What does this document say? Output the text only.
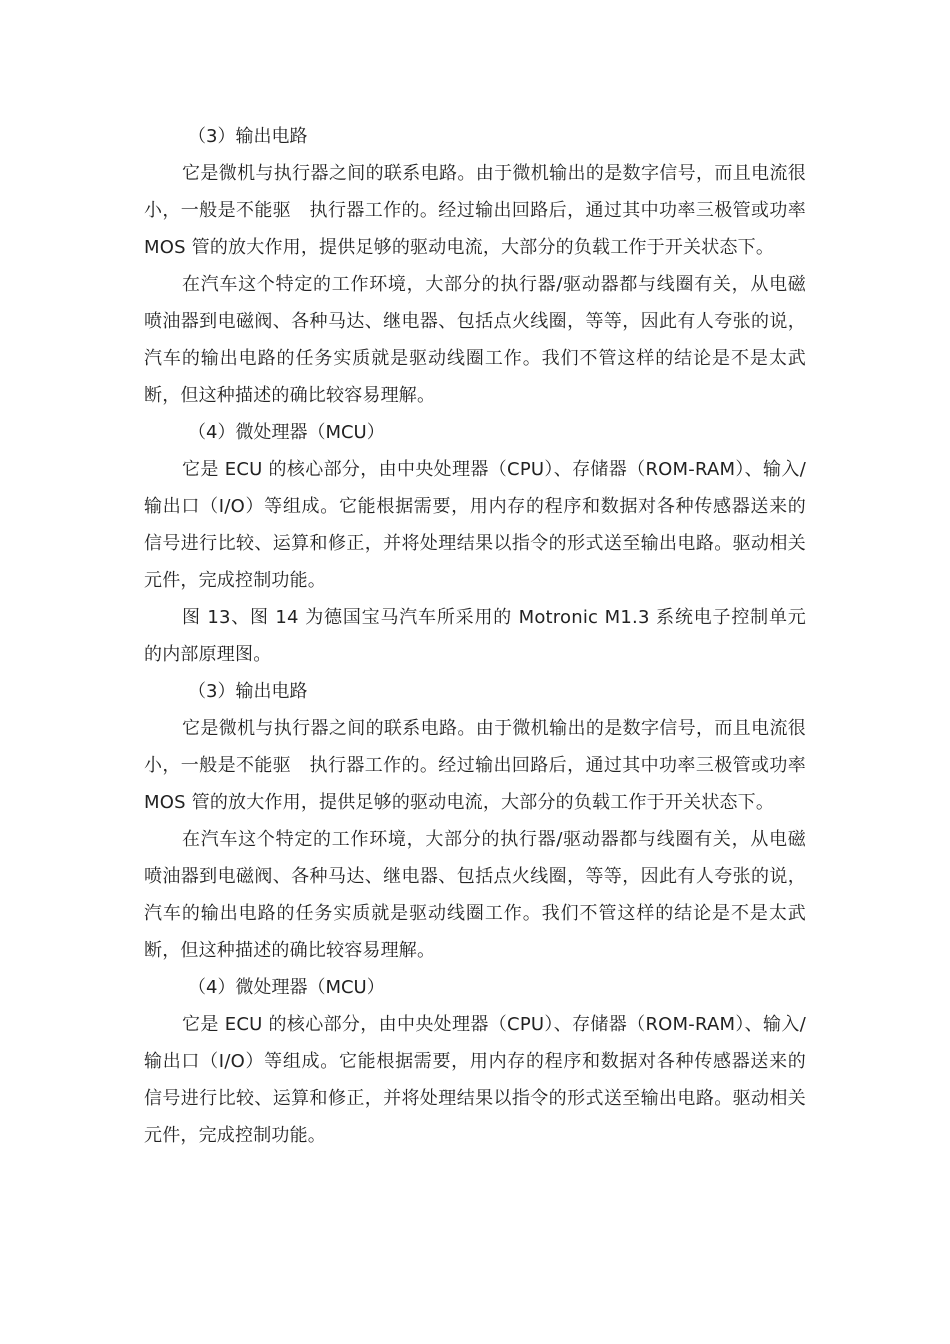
（3）输出电路

它是微机与执行器之间的联系电路。由于微机输出的是数字信号，而且电流很小，一般是不能驱　执行器工作的。经过输出回路后，通过其中功率三极管或功率 MOS 管的放大作用，提供足够的驱动电流，大部分的负载工作于开关状态下。

在汽车这个特定的工作环境，大部分的执行器/驱动器都与线圈有关，从电磁喷油器到电磁阀、各种马达、继电器、包括点火线圈，等等，因此有人夸张的说，汽车的输出电路的任务实质就是驱动线圈工作。我们不管这样的结论是不是太武断，但这种描述的确比较容易理解。

（4）微处理器（MCU）

它是 ECU 的核心部分，由中央处理器（CPU）、存储器（ROM-RAM）、输入/输出口（I/O）等组成。它能根据需要，用内存的程序和数据对各种传感器送来的信号进行比较、运算和修正，并将处理结果以指令的形式送至输出电路。驱动相关元件，完成控制功能。

图 13、图 14 为德国宝马汽车所采用的 Motronic M1.3 系统电子控制单元的内部原理图。

（3）输出电路

它是微机与执行器之间的联系电路。由于微机输出的是数字信号，而且电流很小，一般是不能驱　执行器工作的。经过输出回路后，通过其中功率三极管或功率 MOS 管的放大作用，提供足够的驱动电流，大部分的负载工作于开关状态下。

在汽车这个特定的工作环境，大部分的执行器/驱动器都与线圈有关，从电磁喷油器到电磁阀、各种马达、继电器、包括点火线圈，等等，因此有人夸张的说，汽车的输出电路的任务实质就是驱动线圈工作。我们不管这样的结论是不是太武断，但这种描述的确比较容易理解。

（4）微处理器（MCU）

它是 ECU 的核心部分，由中央处理器（CPU）、存储器（ROM-RAM）、输入/输出口（I/O）等组成。它能根据需要，用内存的程序和数据对各种传感器送来的信号进行比较、运算和修正，并将处理结果以指令的形式送至输出电路。驱动相关元件，完成控制功能。
